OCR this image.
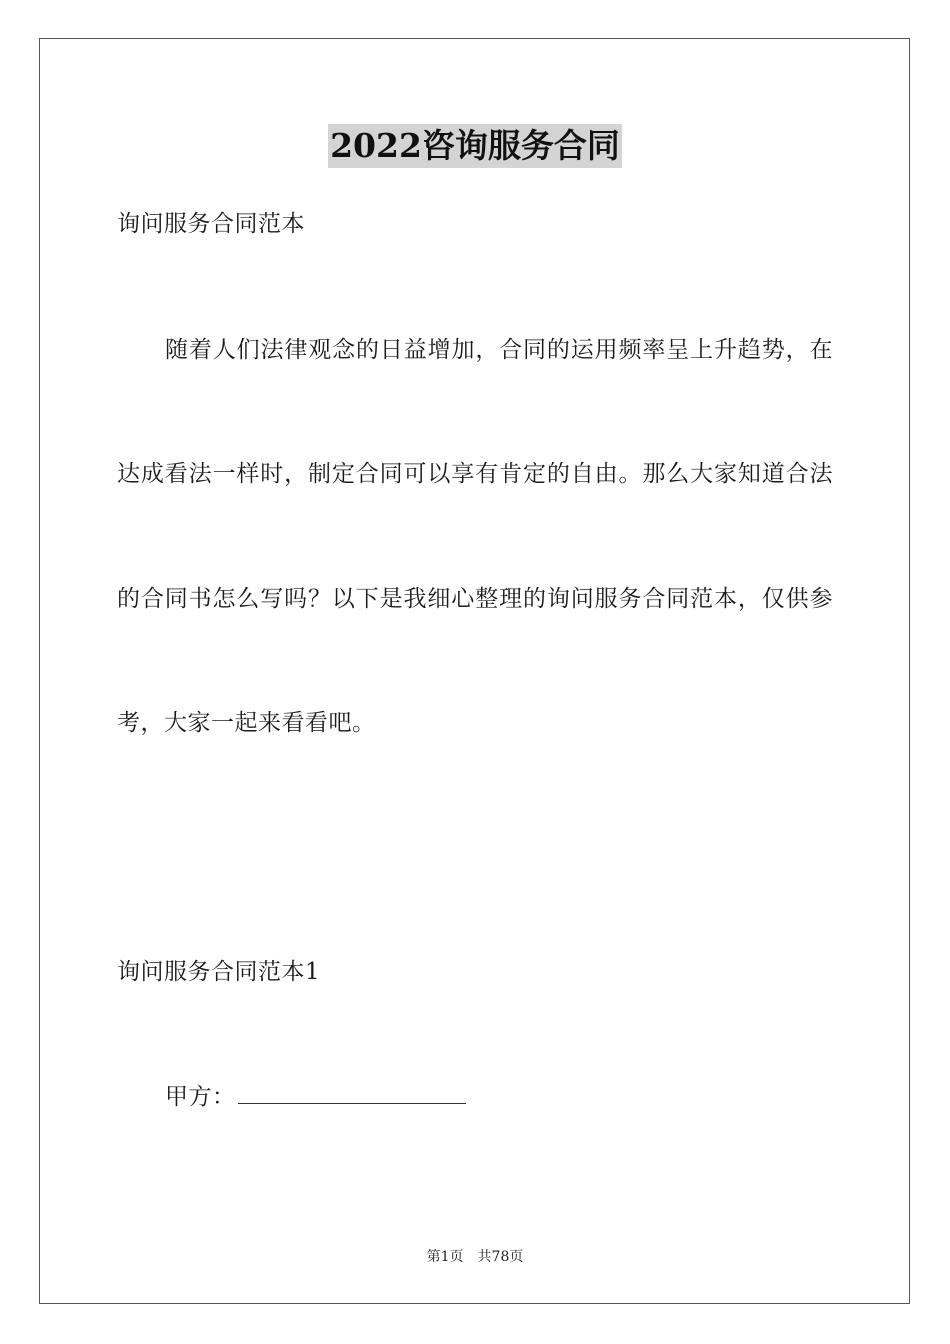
2022咨询服务合同
询问服务合同范本
随着人们法律观念的日益增加，合同的运用频率呈上升趋势，在
达成看法一样时，制定合同可以享有肯定的自由。那么大家知道合法
的合同书怎么写吗？以下是我细心整理的询问服务合同范本，仅供参
考，大家一起来看看吧。
询问服务合同范本1
甲方：
第1页 共78页
